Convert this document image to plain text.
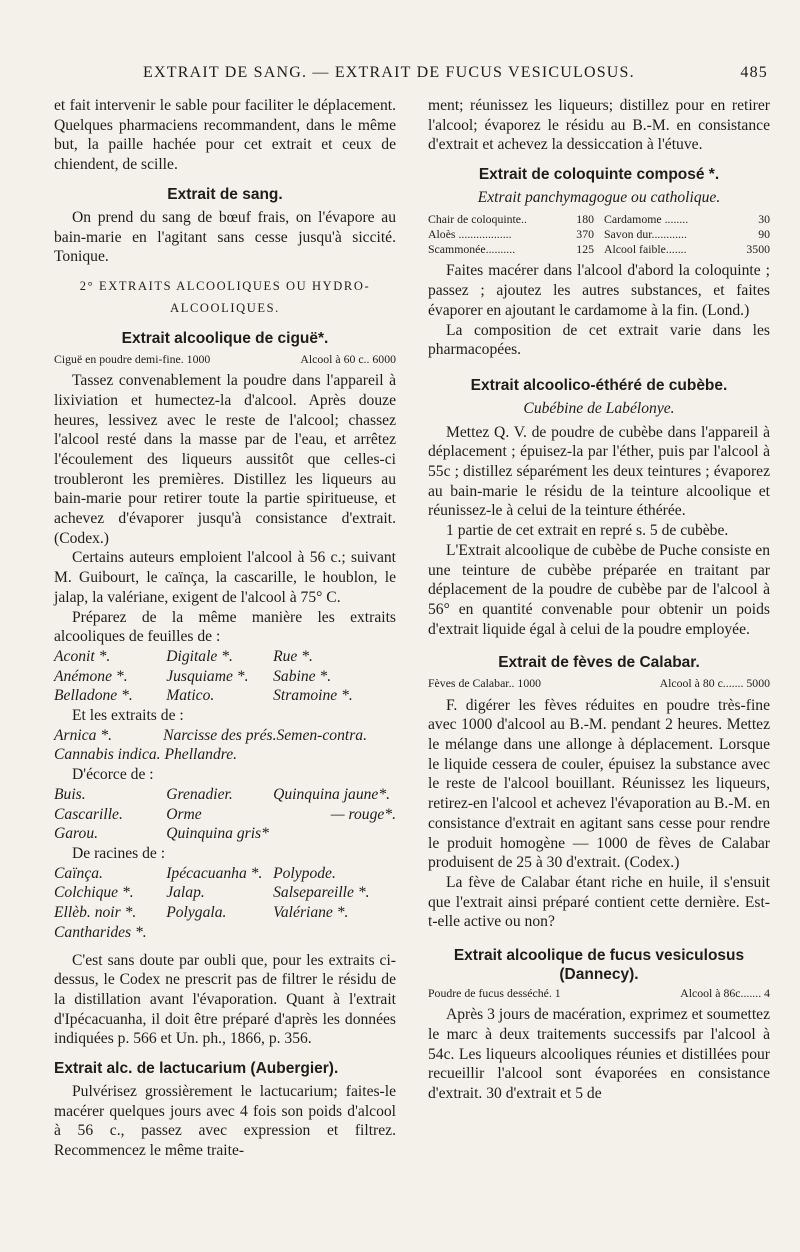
EXTRAIT DE SANG. — EXTRAIT DE FUCUS VESICULOSUS.	485

et fait intervenir le sable pour faciliter le déplacement. Quelques pharmaciens recommandent, dans le même but, la paille hachée pour cet extrait et ceux de chiendent, de scille.

Extrait de sang.

On prend du sang de bœuf frais, on l'évapore au bain-marie en l'agitant sans cesse jusqu'à siccité. Tonique.

2° EXTRAITS ALCOOLIQUES OU HYDRO-
ALCOOLIQUES.
Extrait alcoolique de ciguë*.
Ciguë en poudre demi-fine. 1000	Alcool à 60 c.. 6000

Tassez convenablement la poudre dans l'appareil à lixiviation et humectez-la d'alcool. Après douze heures, lessivez avec le reste de l'alcool; chassez l'alcool resté dans la masse par de l'eau, et arrêtez l'écoulement des liqueurs aussitôt que celles-ci troubleront les premières. Distillez les liqueurs au bain-marie pour retirer toute la partie spiritueuse, et achevez d'évaporer jusqu'à consistance d'extrait. (Codex.)

Certains auteurs emploient l'alcool à 56 c.; suivant M. Guibourt, le caïnça, la cascarille, le houblon, le jalap, la valériane, exigent de l'alcool à 75° C.

Préparez de la même manière les extraits alcooliques de feuilles de :

Aconit *.	Digitale *.	Rue *.
Anémone *.	Jusquiame *.	Sabine *.
Belladone *.	Matico.	Stramoine *.

Et les extraits de :

Arnica *.	Narcisse des prés. Semen-contra.
Cannabis indica. Phellandre.

D'écorce de :

Buis.	Grenadier.	Quinquina jaune*.
Cascarille.	Orme	— rouge*.
Garou.	Quinquina gris*

De racines de :

Caïnça.	Ipécacuanha *. Polypode.
Colchique *.	Jalap.	Salsepareille *.
Ellèb. noir *.	Polygala.	Valériane *.
Cantharides *.

C'est sans doute par oubli que, pour les extraits ci-dessus, le Codex ne prescrit pas de filtrer le résidu de la distillation avant l'évaporation. Quant à l'extrait d'Ipécacuanha, il doit être préparé d'après les données indiquées p. 566 et Un. ph., 1866, p. 356.

Extrait alc. de lactucarium (Aubergier).

Pulvérisez grossièrement le lactucarium; faites-le macérer quelques jours avec 4 fois son poids d'alcool à 56 c., passez avec expression et filtrez. Recommencez le même traite-

ment; réunissez les liqueurs; distillez pour en retirer l'alcool; évaporez le résidu au B.-M. en consistance d'extrait et achevez la dessiccation à l'étuve.

Extrait de coloquinte composé *.
Extrait panchymagogue ou catholique.
Chair de coloquinte..	180 Cardamome ........	30
Aloès ..................	370 Savon dur............	90
Scammonée..........	125 Alcool faible.......	3500

Faites macérer dans l'alcool d'abord la coloquinte ; passez ; ajoutez les autres substances, et faites évaporer en ajoutant le cardamome à la fin. (Lond.)

La composition de cet extrait varie dans les pharmacopées.

Extrait alcoolico-éthéré de cubèbe.
Cubébine de Labélonye.

Mettez Q. V. de poudre de cubèbe dans l'appareil à déplacement ; épuisez-la par l'éther, puis par l'alcool à 55c ; distillez séparément les deux teintures ; évaporez au bain-marie le résidu de la teinture alcoolique et réunissez-le à celui de la teinture éthérée.

1 partie de cet extrait en repré s. 5 de cubèbe.

L'Extrait alcoolique de cubèbe de Puche consiste en une teinture de cubèbe préparée en traitant par déplacement de la poudre de cubèbe par de l'alcool à 56° en quantité convenable pour obtenir un poids d'extrait liquide égal à celui de la poudre employée.

Extrait de fèves de Calabar.
Fèves de Calabar.. 1000	Alcool à 80 c....... 5000

F. digérer les fèves réduites en poudre très-fine avec 1000 d'alcool au B.-M. pendant 2 heures. Mettez le mélange dans une allonge à déplacement. Lorsque le liquide cessera de couler, épuisez la substance avec le reste de l'alcool bouillant. Réunissez les liqueurs, retirez-en l'alcool et achevez l'évaporation au B.-M. en consistance d'extrait en agitant sans cesse pour rendre le produit homogène — 1000 de fèves de Calabar produisent de 25 à 30 d'extrait. (Codex.)

La fève de Calabar étant riche en huile, il s'ensuit que l'extrait ainsi préparé contient cette dernière. Est-t-elle active ou non?

Extrait alcoolique de fucus vesiculosus
(Dannecy).
Poudre de fucus desséché. 1	Alcool à 86c....... 4

Après 3 jours de macération, exprimez et soumettez le marc à deux traitements successifs par l'alcool à 54c. Les liqueurs alcooliques réunies et distillées pour recueillir l'alcool sont évaporées en consistance d'extrait. 30 d'extrait et 5 de
